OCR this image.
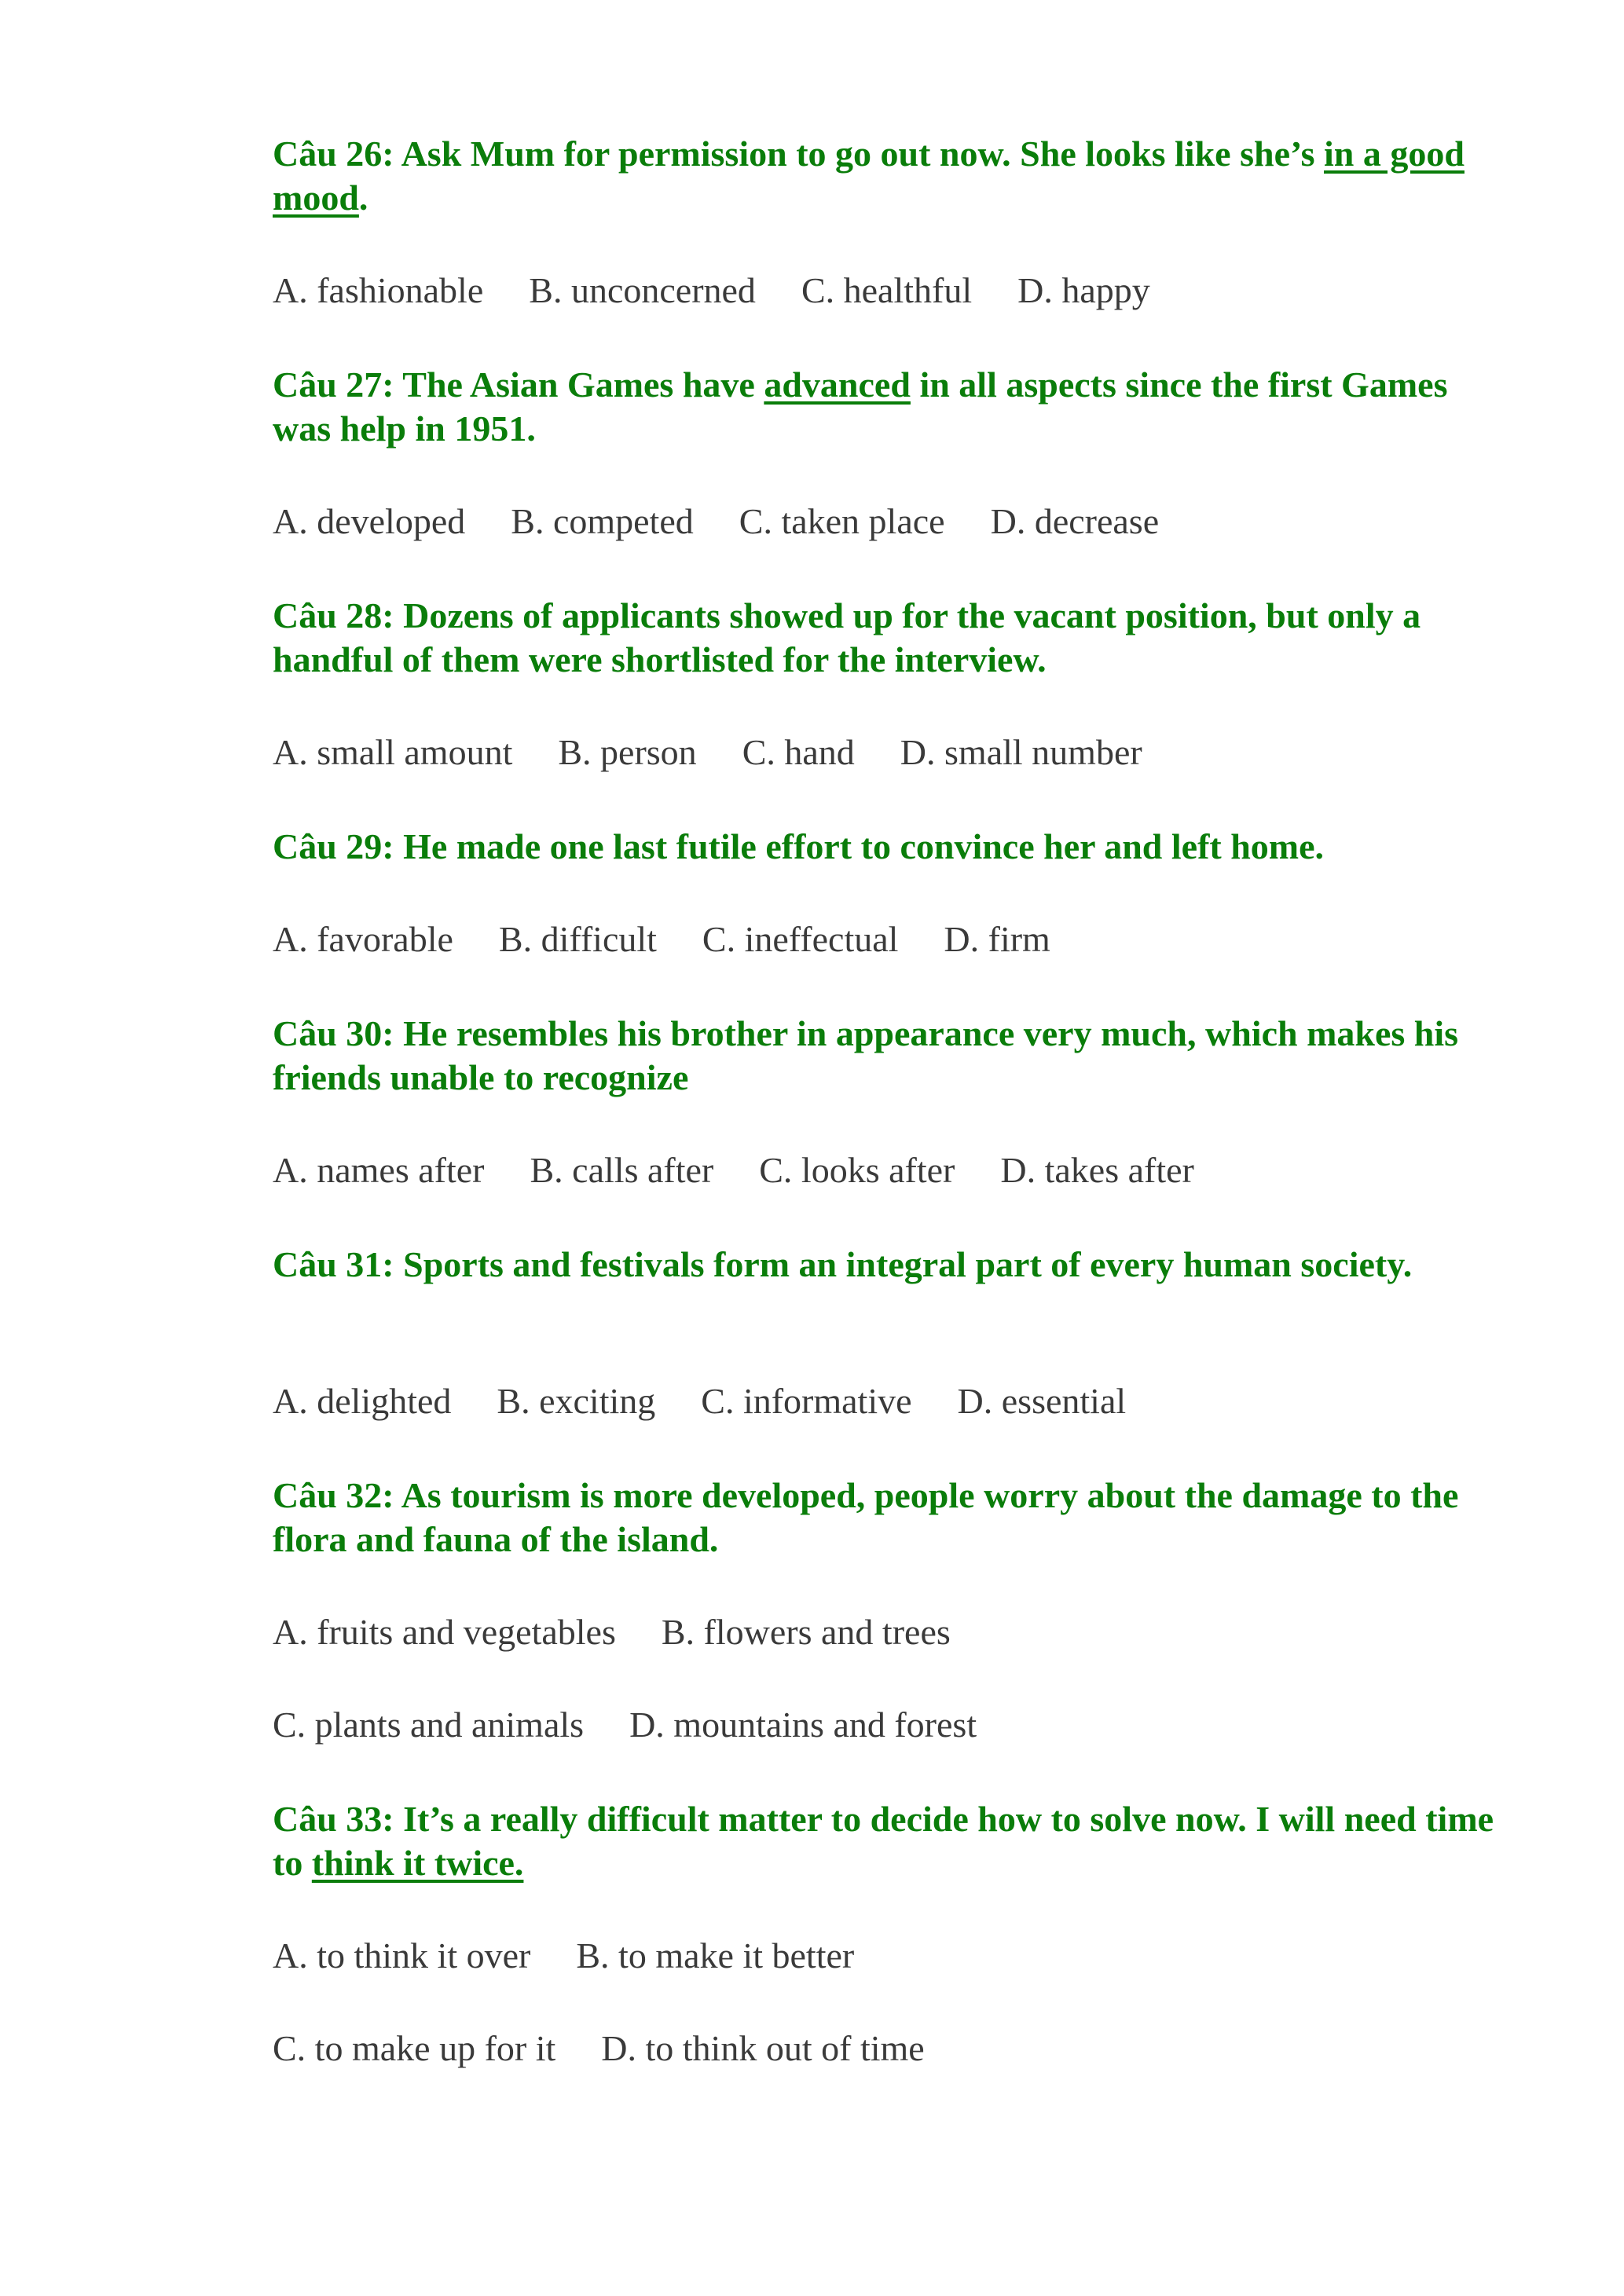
Câu 26: Ask Mum for permission to go out now. She looks like she’s in a good mood.

A. fashionable B. unconcerned C. healthful D. happy

Câu 27: The Asian Games have advanced in all aspects since the first Games was help in 1951.

A. developed B. competed C. taken place D. decrease

Câu 28: Dozens of applicants showed up for the vacant position, but only a handful of them were shortlisted for the interview.

A. small amount B. person C. hand D. small number

Câu 29: He made one last futile effort to convince her and left home.

A. favorable B. difficult C. ineffectual D. firm

Câu 30: He resembles his brother in appearance very much, which makes his friends unable to recognize

A. names after B. calls after C. looks after D. takes after

Câu 31: Sports and festivals form an integral part of every human society.

A. delighted B. exciting C. informative D. essential

Câu 32: As tourism is more developed, people worry about the damage to the flora and fauna of the island.

A. fruits and vegetables B. flowers and trees
C. plants and animals D. mountains and forest

Câu 33: It’s a really difficult matter to decide how to solve now. I will need time to think it twice.

A. to think it over B. to make it better
C. to make up for it D. to think out of time
